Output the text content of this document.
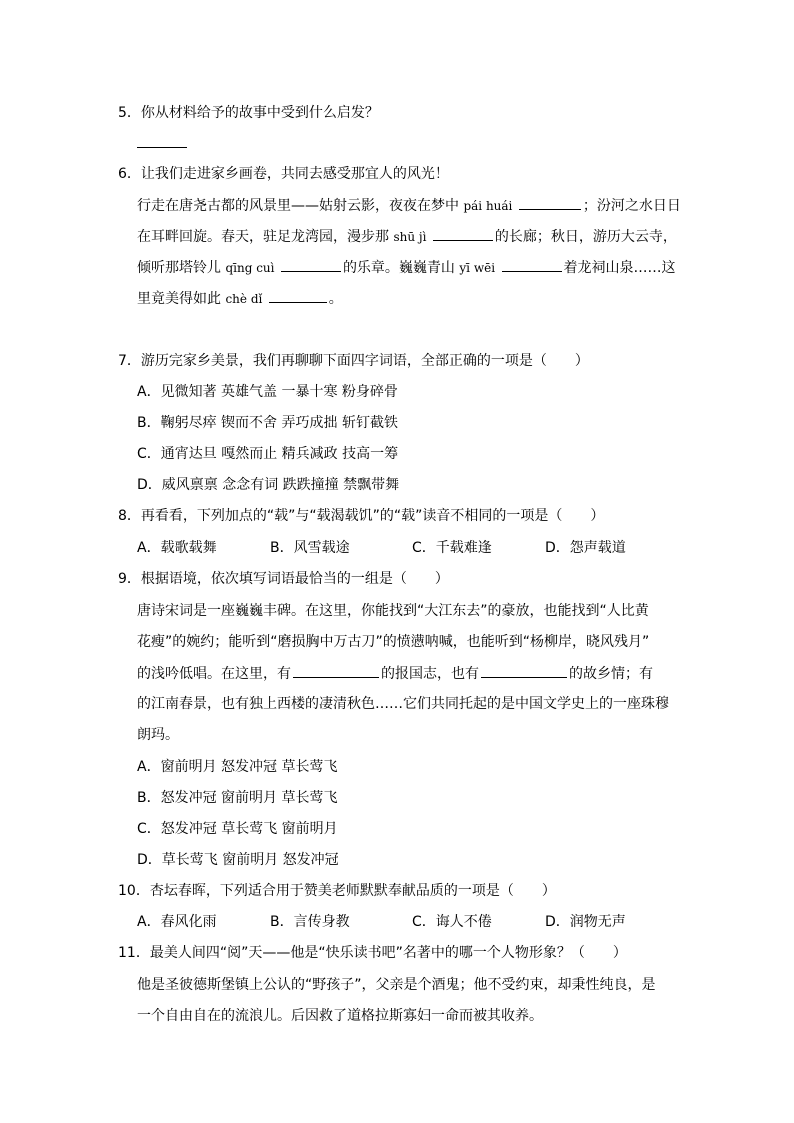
5．你从材料给予的故事中受到什么启发？
6．让我们走进家乡画卷，共同去感受那宜人的风光！
行走在唐尧古都的风景里——姑射云影，夜夜在梦中 pái huái	；汾河之水日日
在耳畔回旋。春天，驻足龙湾园，漫步那 shū jì	的长廊；秋日，游历大云寺，
倾听那塔铃儿 qīng cuì	的乐章。巍巍青山 yī wēi	着龙祠山泉……这
里竟美得如此 chè dǐ	。
7．游历完家乡美景，我们再聊聊下面四字词语，全部正确的一项是（　　）
A．见微知著 英雄气盖 一暴十寒 粉身碎骨
B．鞠躬尽瘁 锲而不舍 弄巧成拙 斩钉截铁
C．通宵达旦 嘎然而止 精兵减政 技高一筹
D．威风禀禀 念念有词 跌跌撞撞 禁飘带舞
8．再看看，下列加点的“载”与“载渴载饥”的“载”读音不相同的一项是（　　）
A．载歌载舞	B．风雪载途	C．千载难逢	D．怨声载道
9．根据语境，依次填写词语最恰当的一组是（　　）
唐诗宋词是一座巍巍丰碑。在这里，你能找到“大江东去”的豪放，也能找到“人比黄
花瘦”的婉约；能听到“磨损胸中万古刀”的愤懑呐喊，也能听到“杨柳岸，晓风残月”
的浅吟低唱。在这里，有	的报国志，也有	的故乡情；有
的江南春景，也有独上西楼的凄清秋色……它们共同托起的是中国文学史上的一座珠穆
朗玛。
A．窗前明月 怒发冲冠 草长莺飞
B．怒发冲冠 窗前明月 草长莺飞
C．怒发冲冠 草长莺飞 窗前明月
D．草长莺飞 窗前明月 怒发冲冠
10．杏坛春晖，下列适合用于赞美老师默默奉献品质的一项是（　　）
A．春风化雨	B．言传身教	C．诲人不倦	D．润物无声
11．最美人间四“阅”天——他是“快乐读书吧”名著中的哪一个人物形象？（　　）
他是圣彼德斯堡镇上公认的“野孩子”，父亲是个酒鬼；他不受约束，却秉性纯良，是
一个自由自在的流浪儿。后因救了道格拉斯寡妇一命而被其收养。
